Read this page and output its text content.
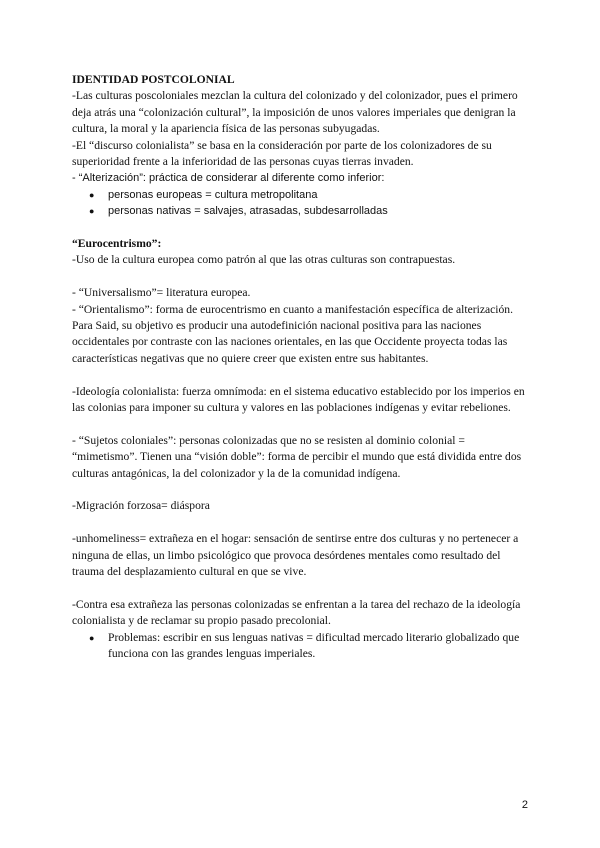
IDENTIDAD POSTCOLONIAL

-Las culturas poscoloniales mezclan la cultura del colonizado y del colonizador, pues el primero deja atrás una “colonización cultural”, la imposición de unos valores imperiales que denigran la cultura, la moral y la apariencia física de las personas subyugadas.

-El “discurso colonialista” se basa en la consideración por parte de los colonizadores de su superioridad frente a la inferioridad de las personas cuyas tierras invaden.

- “Alterización”: práctica de considerar al diferente como inferior:

● personas europeas = cultura metropolitana
● personas nativas = salvajes, atrasadas, subdesarrolladas

“Eurocentrismo”:

-Uso de la cultura europea como patrón al que las otras culturas son contrapuestas.

- “Universalismo”= literatura europea.

- “Orientalismo”: forma de eurocentrismo en cuanto a manifestación específica de alterización. Para Said, su objetivo es producir una autodefinición nacional positiva para las naciones occidentales por contraste con las naciones orientales, en las que Occidente proyecta todas las características negativas que no quiere creer que existen entre sus habitantes.

-Ideología colonialista: fuerza omnímoda: en el sistema educativo establecido por los imperios en las colonias para imponer su cultura y valores en las poblaciones indígenas y evitar rebeliones.

- “Sujetos coloniales”: personas colonizadas que no se resisten al dominio colonial = “mimetismo”. Tienen una “visión doble”: forma de percibir el mundo que está dividida entre dos culturas antagónicas, la del colonizador y la de la comunidad indígena.

-Migración forzosa= diáspora

-unhomeliness= extrañeza en el hogar: sensación de sentirse entre dos culturas y no pertenecer a ninguna de ellas, un limbo psicológico que provoca desórdenes mentales como resultado del trauma del desplazamiento cultural en que se vive.

-Contra esa extrañeza las personas colonizadas se enfrentan a la tarea del rechazo de la ideología colonialista y de reclamar su propio pasado precolonial.

● Problemas: escribir en sus lenguas nativas = dificultad mercado literario globalizado que funciona con las grandes lenguas imperiales.
2
